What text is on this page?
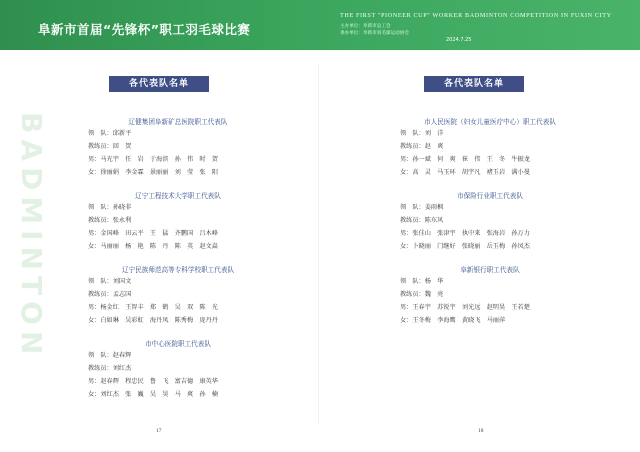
阜新市首届“先锋杯”职工羽毛球比赛
THE FIRST "PIONEER CUP" WORKER BADMINTON COMPETITION IN FUXIN CITY
主办单位：阜新市总工会
承办单位：阜新市羽毛球运动协会
2024.7.25
BADMINTON
各代表队名单
辽健集团阜新矿总医院职工代表队
领　队：邱新平
教练员：回　贺
男：马光宇　任　岩　于海滨　孙　伟　时　贺
女：徐丽娟　李金霖　景丽丽　刘　莹　张　阳
辽宁工程技术大学职工代表队
领　队：孙晓非
教练员：张永利
男：金国峰　田云平　王　猛　齐鹏国　吕木峰
女：马丽丽　杨　艳　陈　丹　陈　英　赵文焱
辽宁民族师范高等专科学校职工代表队
领　队：刘国文
教练员：孟志国
男：杨金红　王智丰　郑　鹤　吴　双　陈　光
女：白如琳　吴彩虹　海丹凤　陈秀梅　庞丹丹
市中心医院职工代表队
领　队：赵春辉
教练员：刘红杰
男：赵春辉　程忠民　鲁　飞　富吉德　康英华
女：刘红杰　张　巍　吴　昊　马　爽　孙　楠
17
各代表队名单
市人民医院（妇女儿童医疗中心）职工代表队
领　队：刘　洋
教练员：赵　爽
男：孙一斌　何　爽　崔　伟　王　冬　牛振龙
女：高　灵　马玉环　胡宇凡　褚玉岩　满小曼
市保险行业职工代表队
领　队：姜雨枫
教练员：陈东风
男：张佳山　张津宇　执中来　张海岩　孙万力
女：卜晓丽　门继好　张晓丽　岳玉梅　孙凤杰
阜新银行职工代表队
领　队：杨　华
教练员：魏　亮
男：王春宇　苏锐宇　刘光远　赵明昊　王若楚
女：王冬梅　李海鹰　黄晓飞　马丽萍
18
